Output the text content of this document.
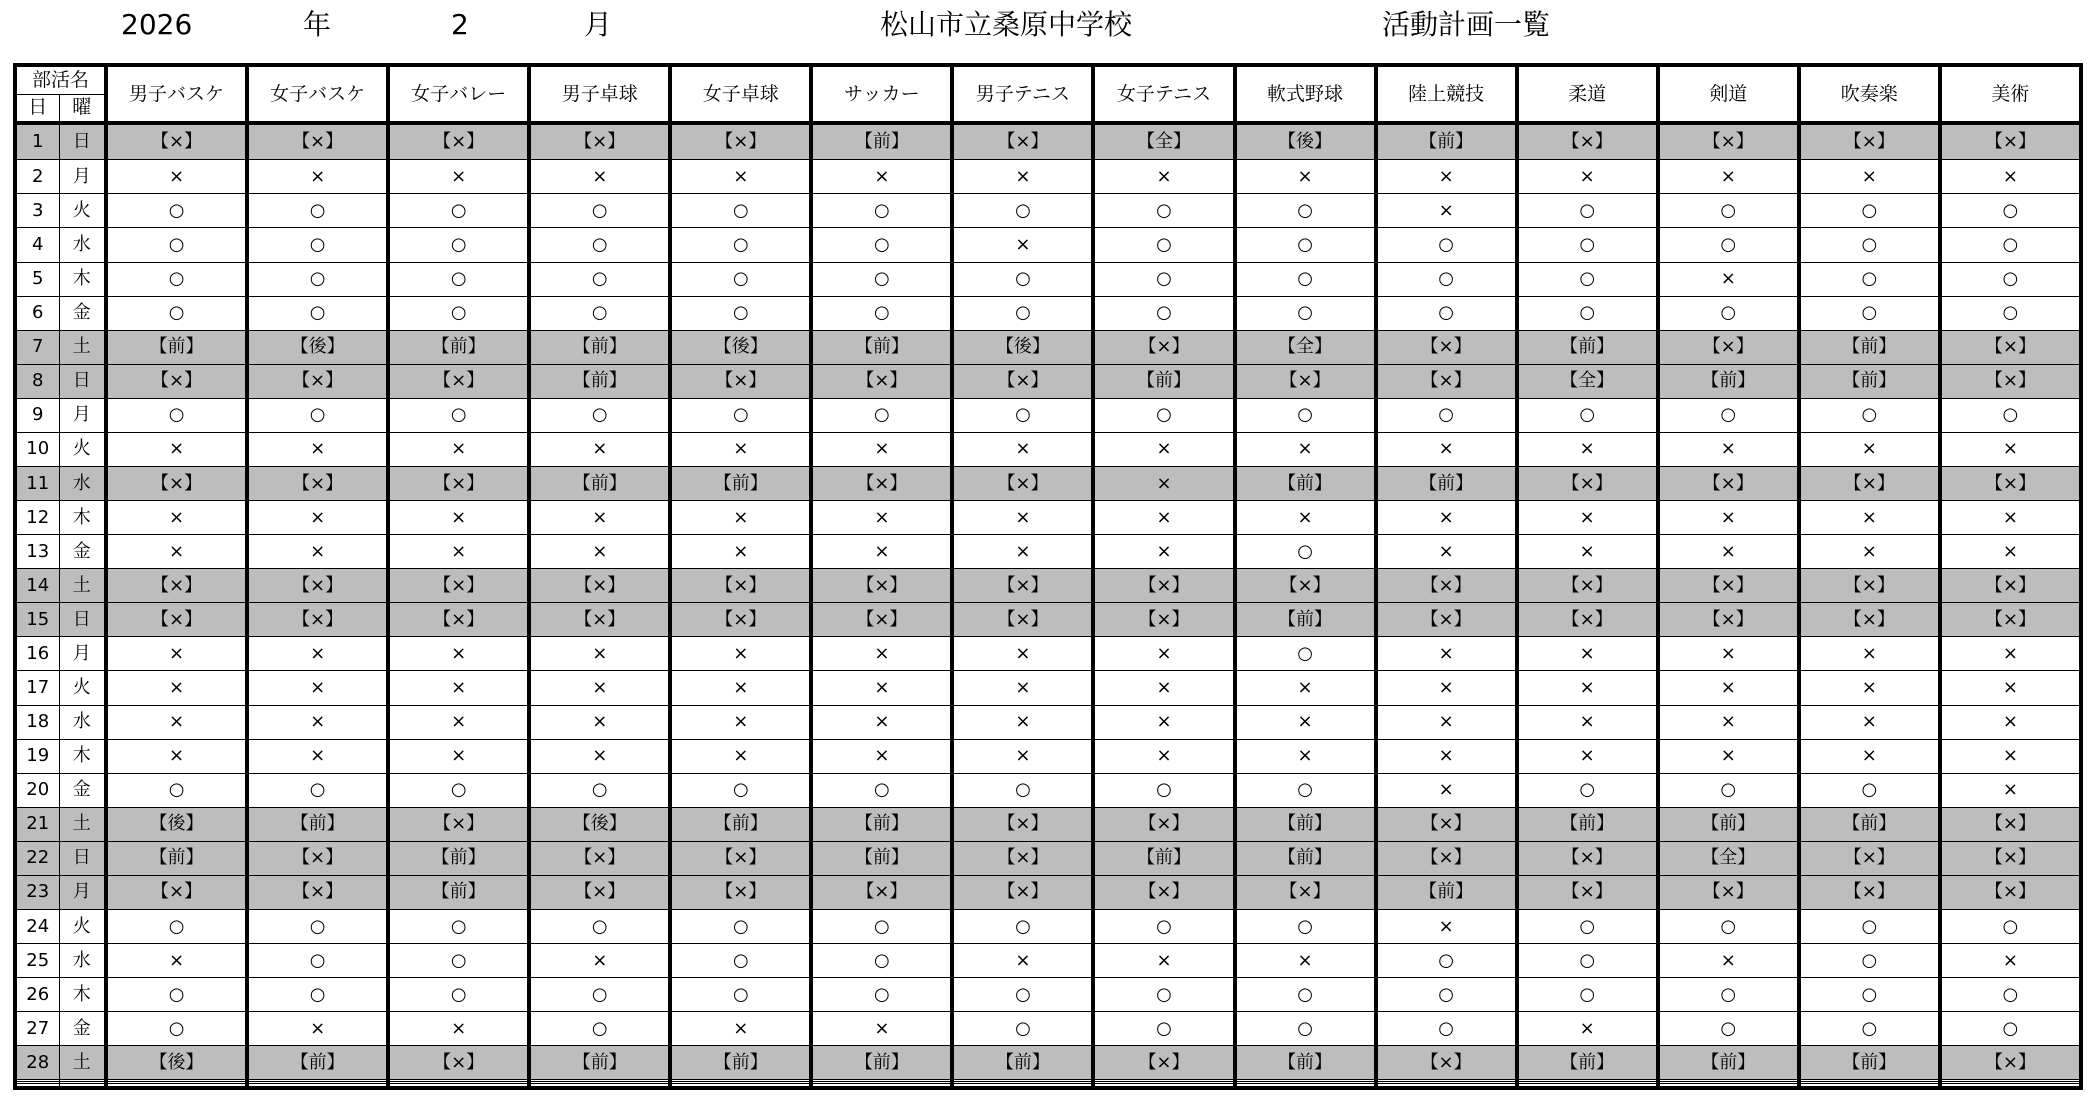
2026	年	2	月	松山市立桑原中学校	活動計画一覧
部活名		男子バスケ	女子バスケ	女子バレー	男子卓球	女子卓球	サッカー	男子テニス	女子テニス	軟式野球	陸上競技	柔道	剣道	吹奏楽	美術
日	曜														
1	日	【×】	【×】	【×】	【×】	【×】	【前】	【×】	【全】	【後】	【前】	【×】	【×】	【×】	【×】
2	月	×	×	×	×	×	×	×	×	×	×	×	×	×	×
3	火	○	○	○	○	○	○	○	○	○	×	○	○	○	○
4	水	○	○	○	○	○	○	×	○	○	○	○	○	○	○
5	木	○	○	○	○	○	○	○	○	○	○	○	×	○	○
6	金	○	○	○	○	○	○	○	○	○	○	○	○	○	○
7	土	【前】	【後】	【前】	【前】	【後】	【前】	【後】	【×】	【全】	【×】	【前】	【×】	【前】	【×】
8	日	【×】	【×】	【×】	【前】	【×】	【×】	【×】	【前】	【×】	【×】	【全】	【前】	【前】	【×】
9	月	○	○	○	○	○	○	○	○	○	○	○	○	○	○
10	火	×	×	×	×	×	×	×	×	×	×	×	×	×	×
11	水	【×】	【×】	【×】	【前】	【前】	【×】	【×】	×	【前】	【前】	【×】	【×】	【×】	【×】
12	木	×	×	×	×	×	×	×	×	×	×	×	×	×	×
13	金	×	×	×	×	×	×	×	×	○	×	×	×	×	×
14	土	【×】	【×】	【×】	【×】	【×】	【×】	【×】	【×】	【×】	【×】	【×】	【×】	【×】	【×】
15	日	【×】	【×】	【×】	【×】	【×】	【×】	【×】	【×】	【前】	【×】	【×】	【×】	【×】	【×】
16	月	×	×	×	×	×	×	×	×	○	×	×	×	×	×
17	火	×	×	×	×	×	×	×	×	×	×	×	×	×	×
18	水	×	×	×	×	×	×	×	×	×	×	×	×	×	×
19	木	×	×	×	×	×	×	×	×	×	×	×	×	×	×
20	金	○	○	○	○	○	○	○	○	○	×	○	○	○	×
21	土	【後】	【前】	【×】	【後】	【前】	【前】	【×】	【×】	【前】	【×】	【前】	【前】	【前】	【×】
22	日	【前】	【×】	【前】	【×】	【×】	【前】	【×】	【前】	【前】	【×】	【×】	【全】	【×】	【×】
23	月	【×】	【×】	【前】	【×】	【×】	【×】	【×】	【×】	【×】	【前】	【×】	【×】	【×】	【×】
24	火	○	○	○	○	○	○	○	○	○	×	○	○	○	○
25	水	×	○	○	×	○	○	×	×	×	○	○	×	○	×
26	木	○	○	○	○	○	○	○	○	○	○	○	○	○	○
27	金	○	×	×	○	×	×	○	○	○	○	×	○	○	○
28	土	【後】	【前】	【×】	【前】	【前】	【前】	【前】	【×】	【前】	【×】	【前】	【前】	【前】	【×】
